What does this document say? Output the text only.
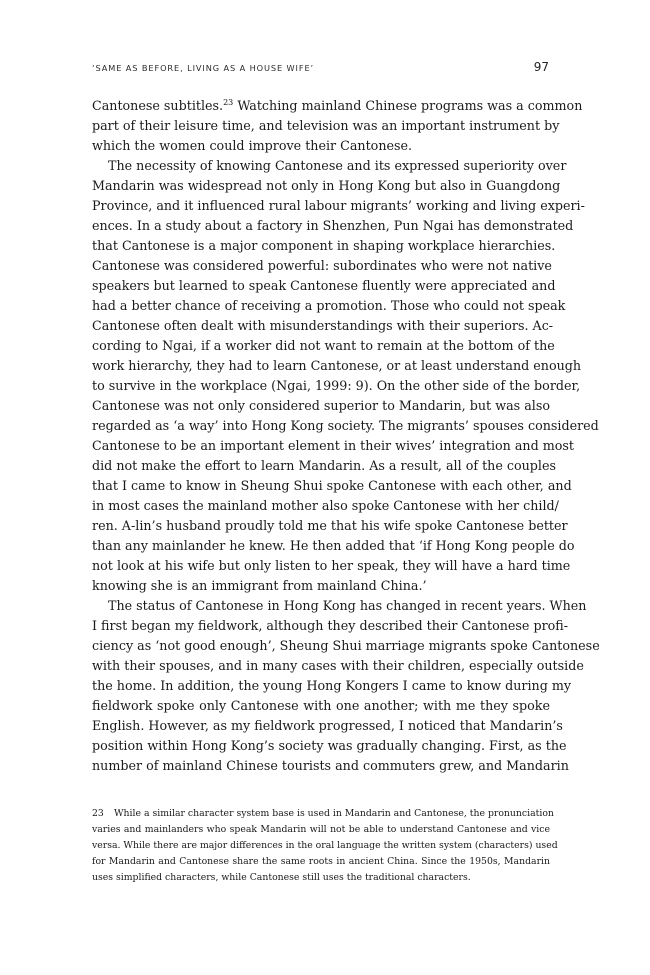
‘SAME AS BEFORE, LIVING AS A HOUSE WIFE’	97
Cantonese subtitles.$^{23}$ Watching mainland Chinese programs was a common
part of their leisure time, and television was an important instrument by
which the women could improve their Cantonese.
The necessity of knowing Cantonese and its expressed superiority over
Mandarin was widespread not only in Hong Kong but also in Guangdong
Province, and it influenced rural labour migrants’ working and living experi-
ences. In a study about a factory in Shenzhen, Pun Ngai has demonstrated
that Cantonese is a major component in shaping workplace hierarchies.
Cantonese was considered powerful: subordinates who were not native
speakers but learned to speak Cantonese fluently were appreciated and
had a better chance of receiving a promotion. Those who could not speak
Cantonese often dealt with misunderstandings with their superiors. Ac-
cording to Ngai, if a worker did not want to remain at the bottom of the
work hierarchy, they had to learn Cantonese, or at least understand enough
to survive in the workplace (Ngai, 1999: 9). On the other side of the border,
Cantonese was not only considered superior to Mandarin, but was also
regarded as ‘a way’ into Hong Kong society. The migrants’ spouses considered
Cantonese to be an important element in their wives’ integration and most
did not make the effort to learn Mandarin. As a result, all of the couples
that I came to know in Sheung Shui spoke Cantonese with each other, and
in most cases the mainland mother also spoke Cantonese with her child/
ren. A-lin’s husband proudly told me that his wife spoke Cantonese better
than any mainlander he knew. He then added that ‘if Hong Kong people do
not look at his wife but only listen to her speak, they will have a hard time
knowing she is an immigrant from mainland China.’
The status of Cantonese in Hong Kong has changed in recent years. When
I first began my fieldwork, although they described their Cantonese profi-
ciency as ‘not good enough’, Sheung Shui marriage migrants spoke Cantonese
with their spouses, and in many cases with their children, especially outside
the home. In addition, the young Hong Kongers I came to know during my
fieldwork spoke only Cantonese with one another; with me they spoke
English. However, as my fieldwork progressed, I noticed that Mandarin’s
position within Hong Kong’s society was gradually changing. First, as the
number of mainland Chinese tourists and commuters grew, and Mandarin
23 While a similar character system base is used in Mandarin and Cantonese, the pronunciation
varies and mainlanders who speak Mandarin will not be able to understand Cantonese and vice
versa. While there are major differences in the oral language the written system (characters) used
for Mandarin and Cantonese share the same roots in ancient China. Since the 1950s, Mandarin
uses simplified characters, while Cantonese still uses the traditional characters.
